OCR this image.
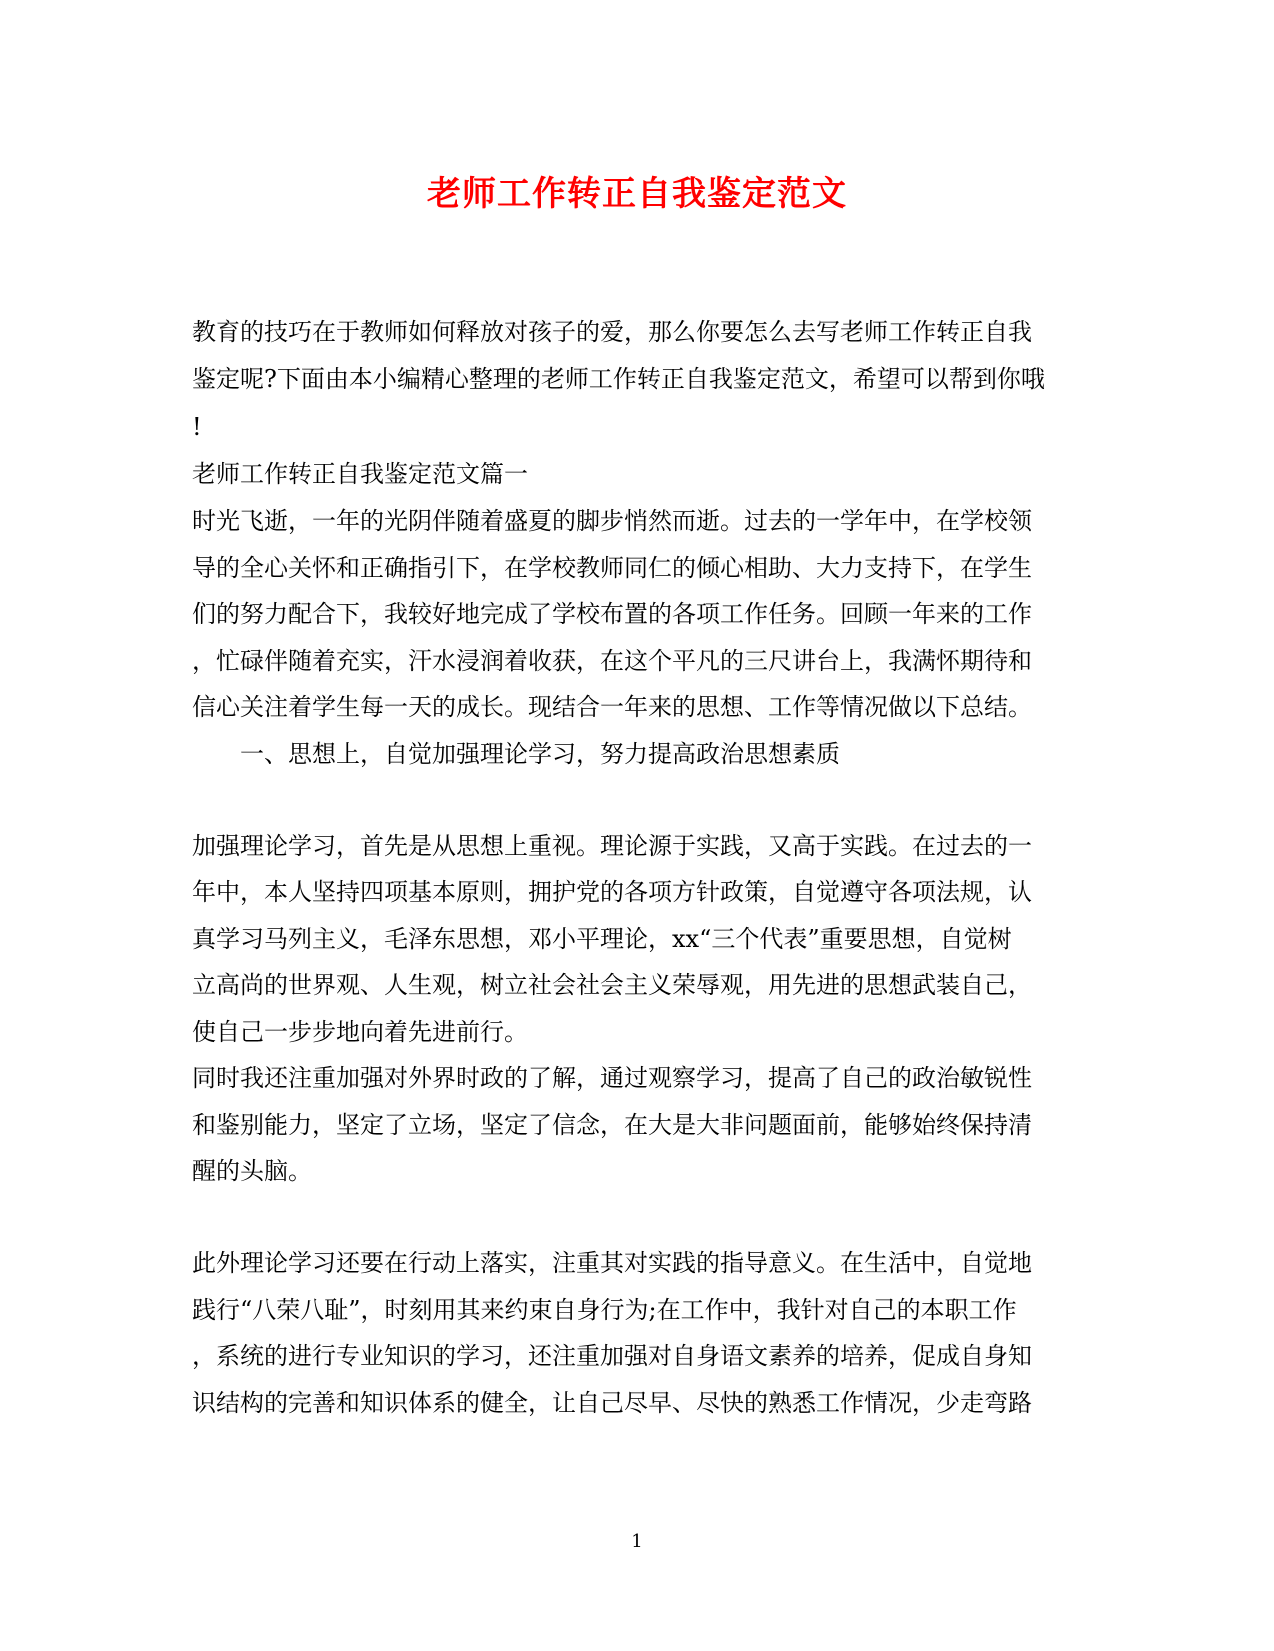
老师工作转正自我鉴定范文
教育的技巧在于教师如何释放对孩子的爱，那么你要怎么去写老师工作转正自我
鉴定呢?下面由本小编精心整理的老师工作转正自我鉴定范文，希望可以帮到你哦
!
老师工作转正自我鉴定范文篇一
时光飞逝，一年的光阴伴随着盛夏的脚步悄然而逝。过去的一学年中，在学校领
导的全心关怀和正确指引下，在学校教师同仁的倾心相助、大力支持下，在学生
们的努力配合下，我较好地完成了学校布置的各项工作任务。回顾一年来的工作
，忙碌伴随着充实，汗水浸润着收获，在这个平凡的三尺讲台上，我满怀期待和
信心关注着学生每一天的成长。现结合一年来的思想、工作等情况做以下总结。
一、思想上，自觉加强理论学习，努力提高政治思想素质
加强理论学习，首先是从思想上重视。理论源于实践，又高于实践。在过去的一
年中，本人坚持四项基本原则，拥护党的各项方针政策，自觉遵守各项法规，认
真学习马列主义，毛泽东思想，邓小平理论，xx“三个代表”重要思想，自觉树
立高尚的世界观、人生观，树立社会社会主义荣辱观，用先进的思想武装自己，
使自己一步步地向着先进前行。
同时我还注重加强对外界时政的了解，通过观察学习，提高了自己的政治敏锐性
和鉴别能力，坚定了立场，坚定了信念，在大是大非问题面前，能够始终保持清
醒的头脑。
此外理论学习还要在行动上落实，注重其对实践的指导意义。在生活中，自觉地
践行“八荣八耻”，时刻用其来约束自身行为;在工作中，我针对自己的本职工作
，系统的进行专业知识的学习，还注重加强对自身语文素养的培养，促成自身知
识结构的完善和知识体系的健全，让自己尽早、尽快的熟悉工作情况，少走弯路
1
